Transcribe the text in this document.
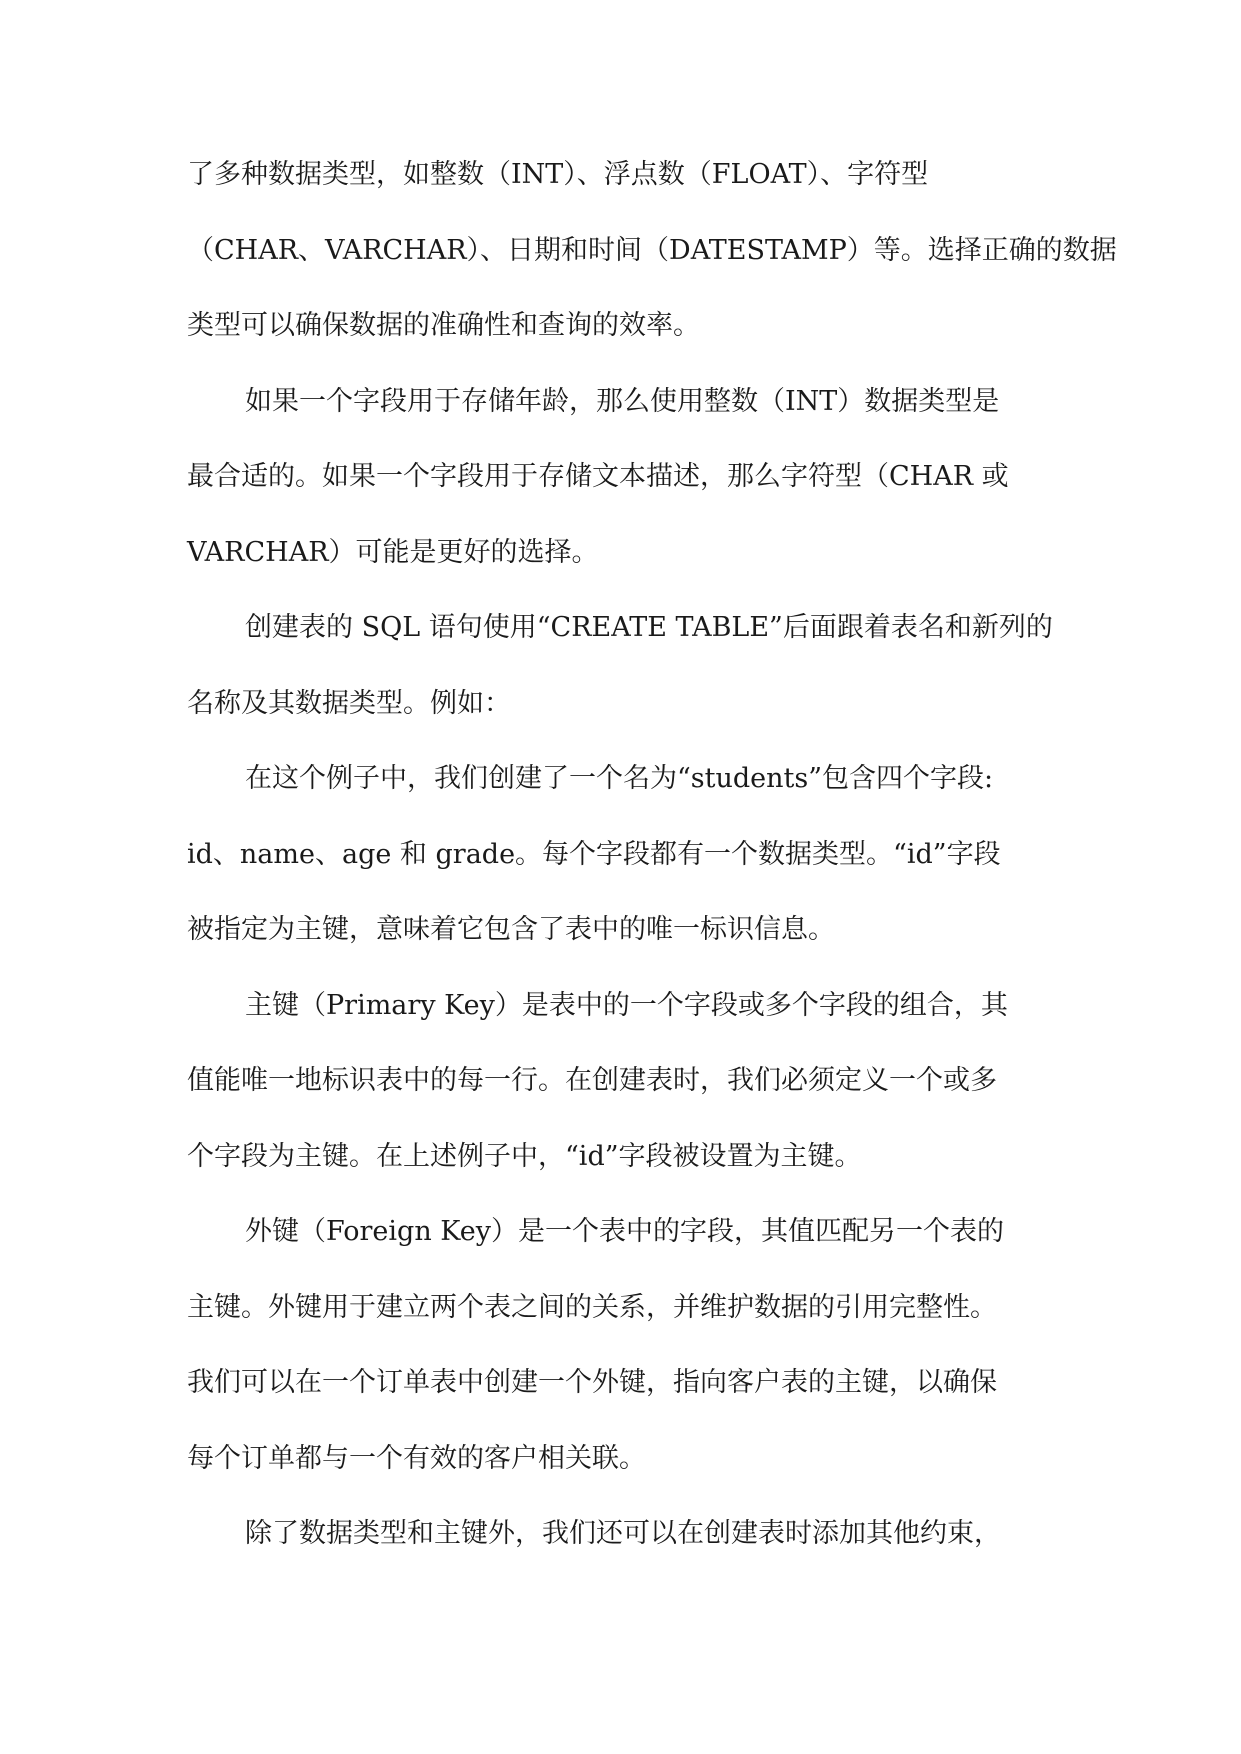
了多种数据类型，如整数（INT）、浮点数（FLOAT）、字符型
（CHAR、VARCHAR）、日期和时间（DATESTAMP）等。选择正确的数据
类型可以确保数据的准确性和查询的效率。

如果一个字段用于存储年龄，那么使用整数（INT）数据类型是
最合适的。如果一个字段用于存储文本描述，那么字符型（CHAR 或
VARCHAR）可能是更好的选择。

创建表的 SQL 语句使用“CREATE TABLE”后面跟着表名和新列的
名称及其数据类型。例如：

在这个例子中，我们创建了一个名为“students”包含四个字段:
id、name、age 和 grade。每个字段都有一个数据类型。“id”字段
被指定为主键，意味着它包含了表中的唯一标识信息。

主键（Primary Key）是表中的一个字段或多个字段的组合，其
值能唯一地标识表中的每一行。在创建表时，我们必须定义一个或多
个字段为主键。在上述例子中，“id”字段被设置为主键。

外键（Foreign Key）是一个表中的字段，其值匹配另一个表的
主键。外键用于建立两个表之间的关系，并维护数据的引用完整性。
我们可以在一个订单表中创建一个外键，指向客户表的主键，以确保
每个订单都与一个有效的客户相关联。

除了数据类型和主键外，我们还可以在创建表时添加其他约束，
